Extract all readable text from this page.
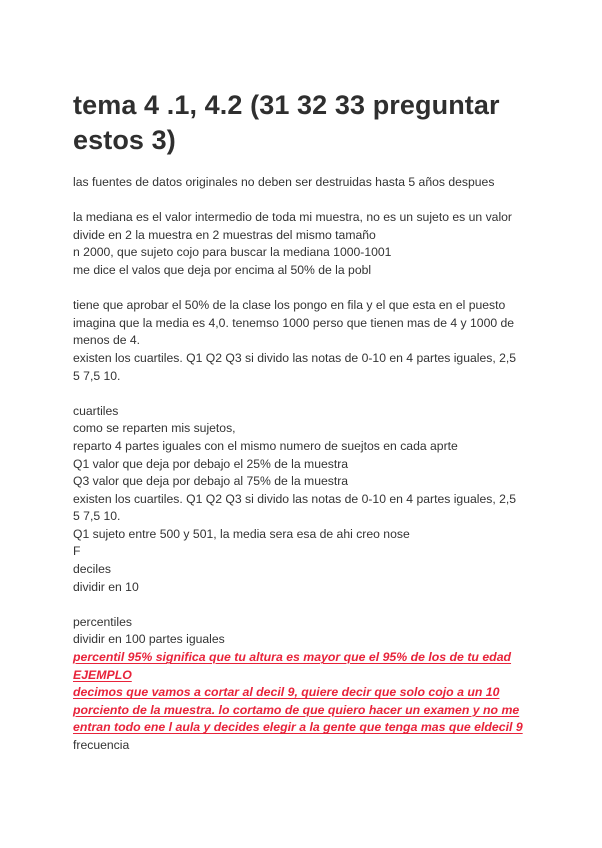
tema 4 .1, 4.2 (31 32 33 preguntar estos 3)

las fuentes de datos originales no deben ser destruidas hasta 5 años despues

la mediana es el valor intermedio de toda mi muestra, no es un sujeto es un valor

divide en 2 la muestra en 2 muestras del mismo tamaño

n 2000, que sujeto cojo para buscar la mediana 1000-1001

me dice el valos que deja por encima al 50% de la pobl

tiene que aprobar el 50% de la clase los pongo en fila y el que esta en el puesto

imagina que la media es 4,0. tenemso 1000 perso que tienen mas de 4 y 1000 de

menos de 4.

existen los cuartiles. Q1 Q2 Q3 si divido las notas de 0-10 en 4 partes iguales, 2,5

5 7,5 10.

cuartiles

como se reparten mis sujetos,

reparto 4 partes iguales con el mismo numero de suejtos en cada aprte

Q1 valor que deja por debajo el 25% de la muestra

Q3 valor que deja por debajo al 75% de la muestra

existen los cuartiles. Q1 Q2 Q3 si divido las notas de 0-10 en 4 partes iguales, 2,5

5 7,5 10.

Q1 sujeto entre 500 y 501, la media sera esa de ahi creo nose

F

deciles

dividir en 10

percentiles

dividir en 100 partes iguales

percentil 95% significa que tu altura es mayor que el 95% de los de tu edad

EJEMPLO

decimos que vamos a cortar al decil 9, quiere decir que solo cojo a un 10

porciento de la muestra. lo cortamo de que quiero hacer un examen y no me

entran todo ene l aula y decides elegir a la gente que tenga mas que eldecil 9

frecuencia
